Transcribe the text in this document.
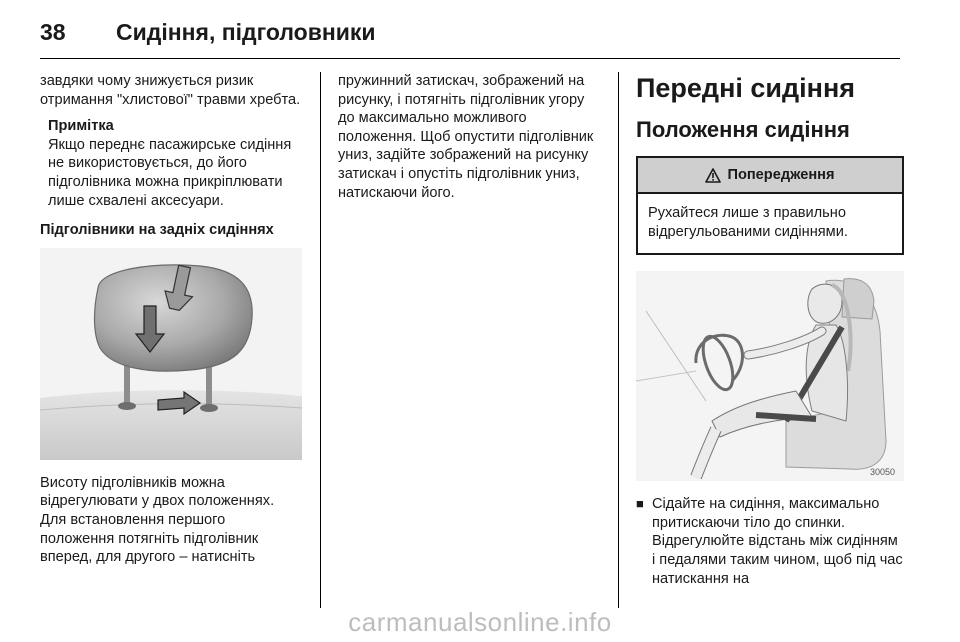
38	Сидіння, підголовники

завдяки чому знижується ризик отримання "хлистової" травми хребта.

Примітка

Якщо переднє пасажирське сидіння не використовується, до його підголівника можна прикріплювати лише схвалені аксесуари.

Підголівники на задніх сидіннях

Висоту підголівників можна відрегулювати у двох положеннях. Для встановлення першого положення потягніть підголівник вперед, для другого – натисніть

пружинний затискач, зображений на рисунку, і потягніть підголівник угору до максимально можливого положення. Щоб опустити підголівник униз, задійте зображений на рисунку затискач і опустіть підголівник униз, натискаючи його.

Передні сидіння
Положення сидіння
Попередження
Рухайтеся лише з правильно відрегульованими сидіннями.
30050
■ Сідайте на сидіння, максимально притискаючи тіло до спинки. Відрегулюйте відстань між сидінням і педалями таким чином, щоб під час натискання на
carmanualsonline.info
